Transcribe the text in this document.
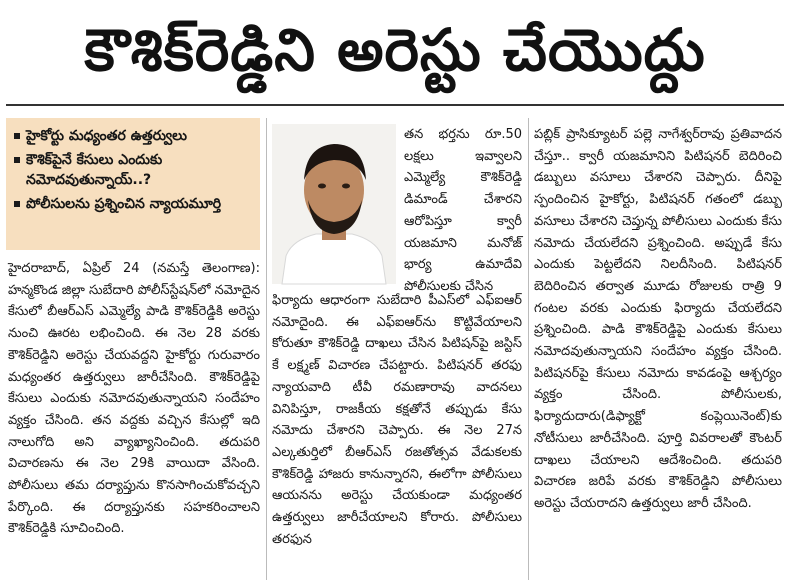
కౌశిక్‌రెడ్డిని అరెస్టు చేయొద్దు
హైకోర్టు మధ్యంతర ఉత్తర్వులు
కౌశిక్‌పైనే కేసులు ఎందుకు నమోదవుతున్నాయ్..?
పోలీసులను ప్రశ్నించిన న్యాయమూర్తి
హైదరాబాద్, ఏప్రిల్ 24 (నమస్తే తెలంగాణ): హన్మకొండ జిల్లా సుబేదారి పోలీస్‌స్టేషన్‌లో నమోదైన కేసులో బీఆర్‌ఎస్ ఎమ్మెల్యే పాడి కౌశిక్‌రెడ్డికి అరెస్టు నుంచి ఊరట లభించింది. ఈ నెల 28 వరకు కౌశిక్‌రెడ్డిని అరెస్టు చేయవద్దని హైకోర్టు గురువారం మధ్యంతర ఉత్తర్వులు జారీచేసింది. కౌశిక్‌రెడ్డిపై కేసులు ఎందుకు నమోదవుతున్నాయని సందేహం వ్యక్తం చేసింది. తన వద్దకు వచ్చిన కేసుల్లో ఇది నాలుగోది అని వ్యాఖ్యానించింది. తదుపరి విచారణను ఈ నెల 29కి వాయిదా వేసింది. పోలీసులు తమ దర్యాప్తును కొనసాగించుకోవచ్చని పేర్కొంది. ఈ దర్యాప్తునకు సహకరించాలని కౌశిక్‌రెడ్డికి సూచించింది.
తన భర్తను రూ.50 లక్షలు ఇవ్వాలని ఎమ్మెల్యే కౌశిక్‌రెడ్డి డిమాండ్ చేశారని ఆరోపిస్తూ క్వారీ యజమాని మనోజ్ భార్య ఉమాదేవి పోలీసులకు చేసిన
ఫిర్యాదు ఆధారంగా సుబేదారి పీఎస్‌లో ఎఫ్‌ఐఆర్ నమోదైంది. ఈ ఎఫ్‌ఐఆర్‌ను కొట్టివేయాలని కోరుతూ కౌశిక్‌రెడ్డి దాఖలు చేసిన పిటిషన్‌పై జస్టిస్ కే లక్ష్మణ్ విచారణ చేపట్టారు. పిటిషనర్ తరఫు న్యాయవాది టీవీ రమణారావు వాదనలు వినిపిస్తూ, రాజకీయ కక్షతోనే తప్పుడు కేసు నమోదు చేశారని చెప్పారు. ఈ నెల 27న ఎల్కతుర్తిలో బీఆర్‌ఎస్ రజతోత్సవ వేడుకలకు కౌశిక్‌రెడ్డి హాజరు కానున్నారని, ఈలోగా పోలీసులు ఆయనను అరెస్టు చేయకుండా మధ్యంతర ఉత్తర్వులు జారీచేయాలని కోరారు. పోలీసులు తరఫున
పబ్లిక్ ప్రాసిక్యూటర్ పల్లె నాగేశ్వర్‌రావు ప్రతివాదన చేస్తూ.. క్వారీ యజమానిని పిటిషనర్ బెదిరించి డబ్బులు వసూలు చేశారని చెప్పారు. దీనిపై స్పందించిన హైకోర్టు, పిటిషనర్ గతంలో డబ్బు వసూలు చేశారని చెప్తున్న పోలీసులు ఎందుకు కేసు నమోదు చేయలేదని ప్రశ్నించింది. అప్పుడే కేసు ఎందుకు పెట్టలేదని నిలదీసింది. పిటిషనర్ బెదిరించిన తర్వాత మూడు రోజులకు రాత్రి 9 గంటల వరకు ఎందుకు ఫిర్యాదు చేయలేదని ప్రశ్నించింది. పాడి కౌశిక్‌రెడ్డిపై ఎందుకు కేసులు నమోదవుతున్నాయని సందేహం వ్యక్తం చేసింది. పిటిషనర్‌పై కేసులు నమోదు కావడంపై ఆశ్చర్యం వ్యక్తం చేసింది. పోలీసులకు, ఫిర్యాదుదారు(డిఫ్యాక్టో కంప్లెయినెంట్)కు నోటీసులు జారీచేసింది. పూర్తి వివరాలతో కౌంటర్ దాఖలు చేయాలని ఆదేశించింది. తదుపరి విచారణ జరిపే వరకు కౌశిక్‌రెడ్డిని పోలీసులు అరెస్టు చేయరాదని ఉత్తర్వులు జారీ చేసింది.
